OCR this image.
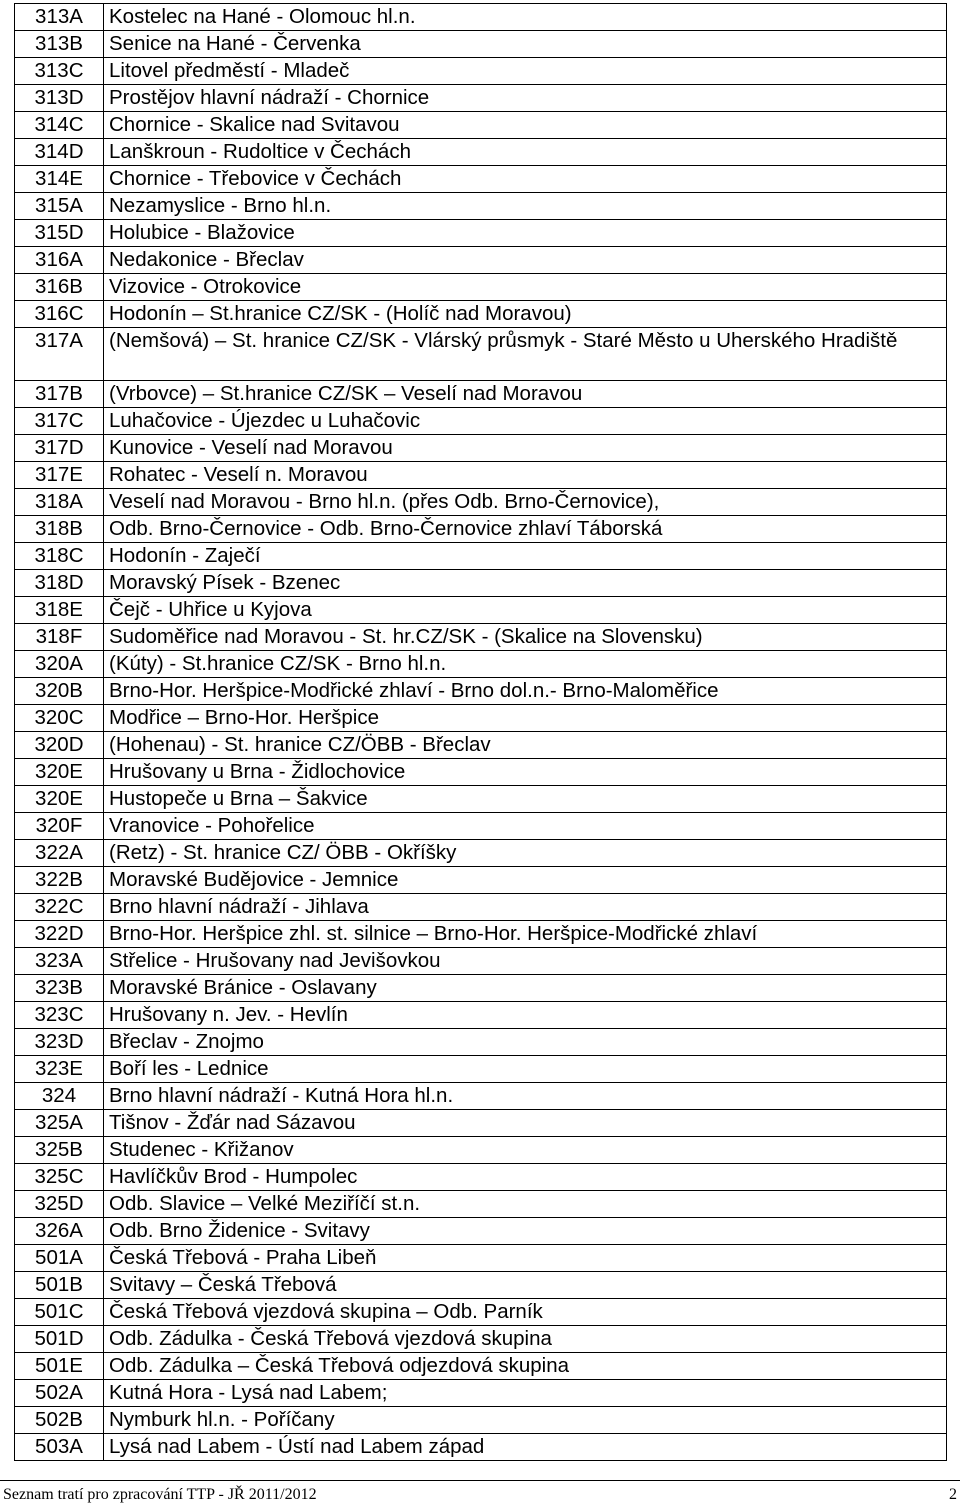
313A	Kostelec na Hané - Olomouc hl.n.
313B	Senice na Hané - Červenka
313C	Litovel předměstí - Mladeč
313D	Prostějov hlavní nádraží - Chornice
314C	Chornice - Skalice nad Svitavou
314D	Lanškroun - Rudoltice v Čechách
314E	Chornice - Třebovice v Čechách
315A	Nezamyslice - Brno hl.n.
315D	Holubice - Blažovice
316A	Nedakonice - Břeclav
316B	Vizovice - Otrokovice
316C	Hodonín – St.hranice CZ/SK - (Holíč nad Moravou)
317A	(Nemšová) – St. hranice CZ/SK - Vlárský průsmyk - Staré Město u Uherského Hradiště
317B	(Vrbovce) – St.hranice CZ/SK – Veselí nad Moravou
317C	Luhačovice - Újezdec u Luhačovic
317D	Kunovice - Veselí nad Moravou
317E	Rohatec - Veselí n. Moravou
318A	Veselí nad Moravou - Brno hl.n. (přes Odb. Brno-Černovice),
318B	Odb. Brno-Černovice - Odb. Brno-Černovice zhlaví Táborská
318C	Hodonín - Zaječí
318D	Moravský Písek - Bzenec
318E	Čejč - Uhřice u Kyjova
318F	Sudoměřice nad Moravou - St. hr.CZ/SK - (Skalice na Slovensku)
320A	(Kúty) - St.hranice CZ/SK - Brno hl.n.
320B	Brno-Hor. Heršpice-Modřické zhlaví - Brno dol.n.- Brno-Maloměřice
320C	Modřice – Brno-Hor. Heršpice
320D	(Hohenau) - St. hranice CZ/ÖBB - Břeclav
320E	Hrušovany u Brna - Židlochovice
320E	Hustopeče u Brna – Šakvice
320F	Vranovice - Pohořelice
322A	(Retz) - St. hranice CZ/ ÖBB - Okříšky
322B	Moravské Budějovice - Jemnice
322C	Brno hlavní nádraží - Jihlava
322D	Brno-Hor. Heršpice zhl. st. silnice – Brno-Hor. Heršpice-Modřické zhlaví
323A	Střelice - Hrušovany nad Jevišovkou
323B	Moravské Bránice - Oslavany
323C	Hrušovany n. Jev. - Hevlín
323D	Břeclav - Znojmo
323E	Boří les - Lednice
324	Brno hlavní nádraží - Kutná Hora hl.n.
325A	Tišnov - Žďár nad Sázavou
325B	Studenec - Křižanov
325C	Havlíčkův Brod - Humpolec
325D	Odb. Slavice – Velké Meziříčí st.n.
326A	Odb. Brno Židenice - Svitavy
501A	Česká Třebová - Praha Libeň
501B	Svitavy – Česká Třebová
501C	Česká Třebová vjezdová skupina – Odb. Parník
501D	Odb. Zádulka - Česká Třebová vjezdová skupina
501E	Odb. Zádulka – Česká Třebová odjezdová skupina
502A	Kutná Hora - Lysá nad Labem;
502B	Nymburk hl.n. - Poříčany
503A	Lysá nad Labem - Ústí nad Labem západ
Seznam tratí pro zpracování TTP - JŘ 2011/2012	2
